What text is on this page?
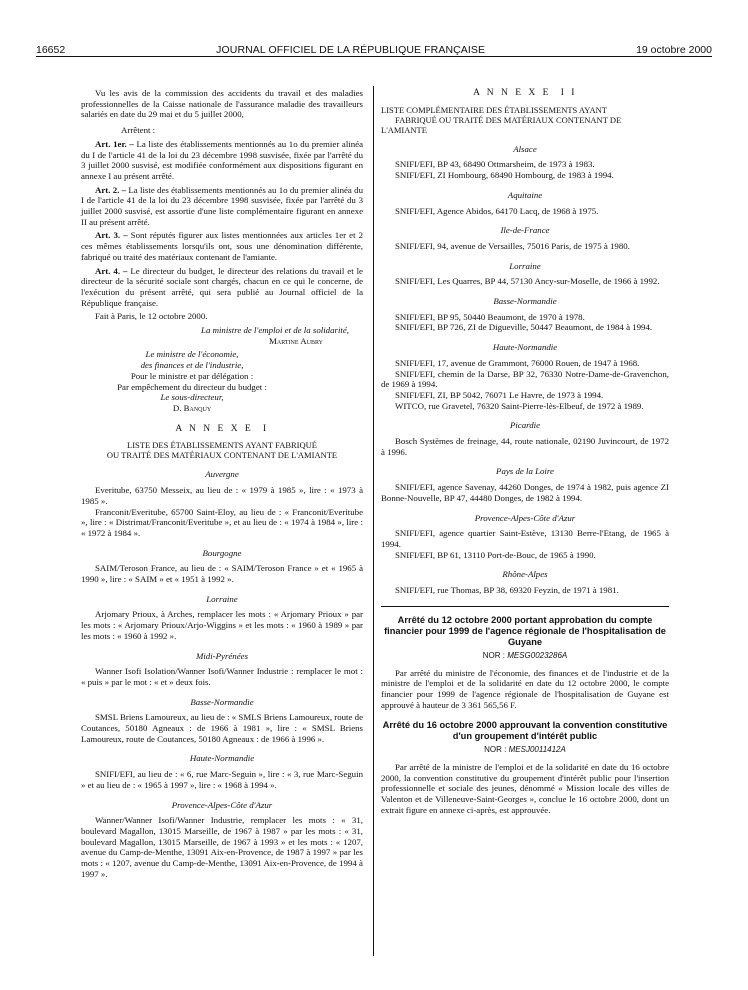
16652	JOURNAL OFFICIEL DE LA RÉPUBLIQUE FRANÇAISE	19 octobre 2000

Vu les avis de la commission des accidents du travail et des maladies professionnelles de la Caisse nationale de l'assurance maladie des travailleurs salariés en date du 29 mai et du 5 juillet 2000,

Arrêtent :

Art. 1er. – La liste des établissements mentionnés au 1o du premier alinéa du I de l'article 41 de la loi du 23 décembre 1998 susvisée, fixée par l'arrêté du 3 juillet 2000 susvisé, est modifiée conformément aux dispositions figurant en annexe I au présent arrêté.

Art. 2. – La liste des établissements mentionnés au 1o du premier alinéa du I de l'article 41 de la loi du 23 décembre 1998 susvisée, fixée par l'arrêté du 3 juillet 2000 susvisé, est assortie d'une liste complémentaire figurant en annexe II au présent arrêté.

Art. 3. – Sont réputés figurer aux listes mentionnées aux articles 1er et 2 ces mêmes établissements lorsqu'ils ont, sous une dénomination différente, fabriqué ou traité des matériaux contenant de l'amiante.

Art. 4. – Le directeur du budget, le directeur des relations du travail et le directeur de la sécurité sociale sont chargés, chacun en ce qui le concerne, de l'exécution du présent arrêté, qui sera publié au Journal officiel de la République française.

Fait à Paris, le 12 octobre 2000.

La ministre de l'emploi et de la solidarité,

Martine Aubry

Le ministre de l'économie,

des finances et de l'industrie,

Pour le ministre et par délégation :

Par empêchement du directeur du budget :

Le sous-directeur,

D. Banquy

A N N E X E  I

LISTE DES ÉTABLISSEMENTS AYANT FABRIQUÉ

OU TRAITÉ DES MATÉRIAUX CONTENANT DE L'AMIANTE

Auvergne

Everitube, 63750 Messeix, au lieu de : « 1979 à 1985 », lire : « 1973 à 1985 ».

Franconit/Everitube, 65700 Saint-Eloy, au lieu de : « Franconit/Everitube », lire : « Distrimat/Franconit/Everitube », et au lieu de : « 1974 à 1984 », lire : « 1972 à 1984 ».

Bourgogne

SAIM/Teroson France, au lieu de : « SAIM/Teroson France » et « 1965 à 1990 », lire : « SAIM » et « 1951 à 1992 ».

Lorraine

Arjomary Prioux, à Arches, remplacer les mots : « Arjomary Prioux » par les mots : « Arjomary Prioux/Arjo-Wiggins » et les mots : « 1960 à 1989 » par les mots : « 1960 à 1992 ».

Midi-Pyrénées

Wanner Isofi Isolation/Wanner Isofi/Wanner Industrie : remplacer le mot : « puis » par le mot : « et » deux fois.

Basse-Normandie

SMSL Briens Lamoureux, au lieu de : « SMLS Briens Lamoureux, route de Coutances, 50180 Agneaux : de 1966 à 1981 », lire : « SMSL Briens Lamoureux, route de Coutances, 50180 Agneaux : de 1966 à 1996 ».

Haute-Normandie

SNIFI/EFI, au lieu de : « 6, rue Marc-Seguin », lire : « 3, rue Marc-Seguin » et au lieu de : « 1965 à 1997 », lire : « 1968 à 1994 ».

Provence-Alpes-Côte d'Azur

Wanner/Wanner Isofi/Wanner Industrie, remplacer les mots : « 31, boulevard Magallon, 13015 Marseille, de 1967 à 1987 » par les mots : « 31, boulevard Magallon, 13015 Marseille, de 1967 à 1993 » et les mots : « 1207, avenue du Camp-de-Menthe, 13091 Aix-en-Provence, de 1987 à 1997 » par les mots : « 1207, avenue du Camp-de-Menthe, 13091 Aix-en-Provence, de 1994 à 1997 ».

A N N E X E  I I

LISTE COMPLÉMENTAIRE DES ÉTABLISSEMENTS AYANT

FABRIQUÉ OU TRAITÉ DES MATÉRIAUX CONTENANT DE

L'AMIANTE

Alsace

SNIFI/EFI, BP 43, 68490 Ottmarsheim, de 1973 à 1983.

SNIFI/EFI, ZI Hombourg, 68490 Hombourg, de 1983 à 1994.

Aquitaine

SNIFI/EFI, Agence Abidos, 64170 Lacq, de 1968 à 1975.

Ile-de-France

SNIFI/EFI, 94, avenue de Versailles, 75016 Paris, de 1975 à 1980.

Lorraine

SNIFI/EFI, Les Quarres, BP 44, 57130 Ancy-sur-Moselle, de 1966 à 1992.

Basse-Normandie

SNIFI/EFI, BP 95, 50440 Beaumont, de 1970 à 1978.

SNIFI/EFI, BP 726, ZI de Digueville, 50447 Beaumont, de 1984 à 1994.

Haute-Normandie

SNIFI/EFI, 17, avenue de Grammont, 76000 Rouen, de 1947 à 1968.

SNIFI/EFI, chemin de la Darse, BP 32, 76330 Notre-Dame-de-Gravenchon, de 1969 à 1994.

SNIFI/EFI, ZI, BP 5042, 76071 Le Havre, de 1973 à 1994.

WITCO, rue Gravetel, 76320 Saint-Pierre-lès-Elbeuf, de 1972 à 1989.

Picardie

Bosch Systèmes de freinage, 44, route nationale, 02190 Juvincourt, de 1972 à 1996.

Pays de la Loire

SNIFI/EFI, agence Savenay, 44260 Donges, de 1974 à 1982, puis agence ZI Bonne-Nouvelle, BP 47, 44480 Donges, de 1982 à 1994.

Provence-Alpes-Côte d'Azur

SNIFI/EFI, agence quartier Saint-Estève, 13130 Berre-l'Etang, de 1965 à 1994.

SNIFI/EFI, BP 61, 13110 Port-de-Bouc, de 1965 à 1990.

Rhône-Alpes

SNIFI/EFI, rue Thomas, BP 38, 69320 Feyzin, de 1971 à 1981.

Arrêté du 12 octobre 2000 portant approbation du compte financier pour 1999 de l'agence régionale de l'hospitalisation de Guyane

NOR : MESG0023286A

Par arrêté du ministre de l'économie, des finances et de l'industrie et de la ministre de l'emploi et de la solidarité en date du 12 octobre 2000, le compte financier pour 1999 de l'agence régionale de l'hospitalisation de Guyane est approuvé à hauteur de 3 361 565,56 F.

Arrêté du 16 octobre 2000 approuvant la convention constitutive d'un groupement d'intérêt public

NOR : MESJ0011412A

Par arrêté de la ministre de l'emploi et de la solidarité en date du 16 octobre 2000, la convention constitutive du groupement d'intérêt public pour l'insertion professionnelle et sociale des jeunes, dénommé « Mission locale des villes de Valenton et de Villeneuve-Saint-Georges », conclue le 16 octobre 2000, dont un extrait figure en annexe ci-après, est approuvée.
